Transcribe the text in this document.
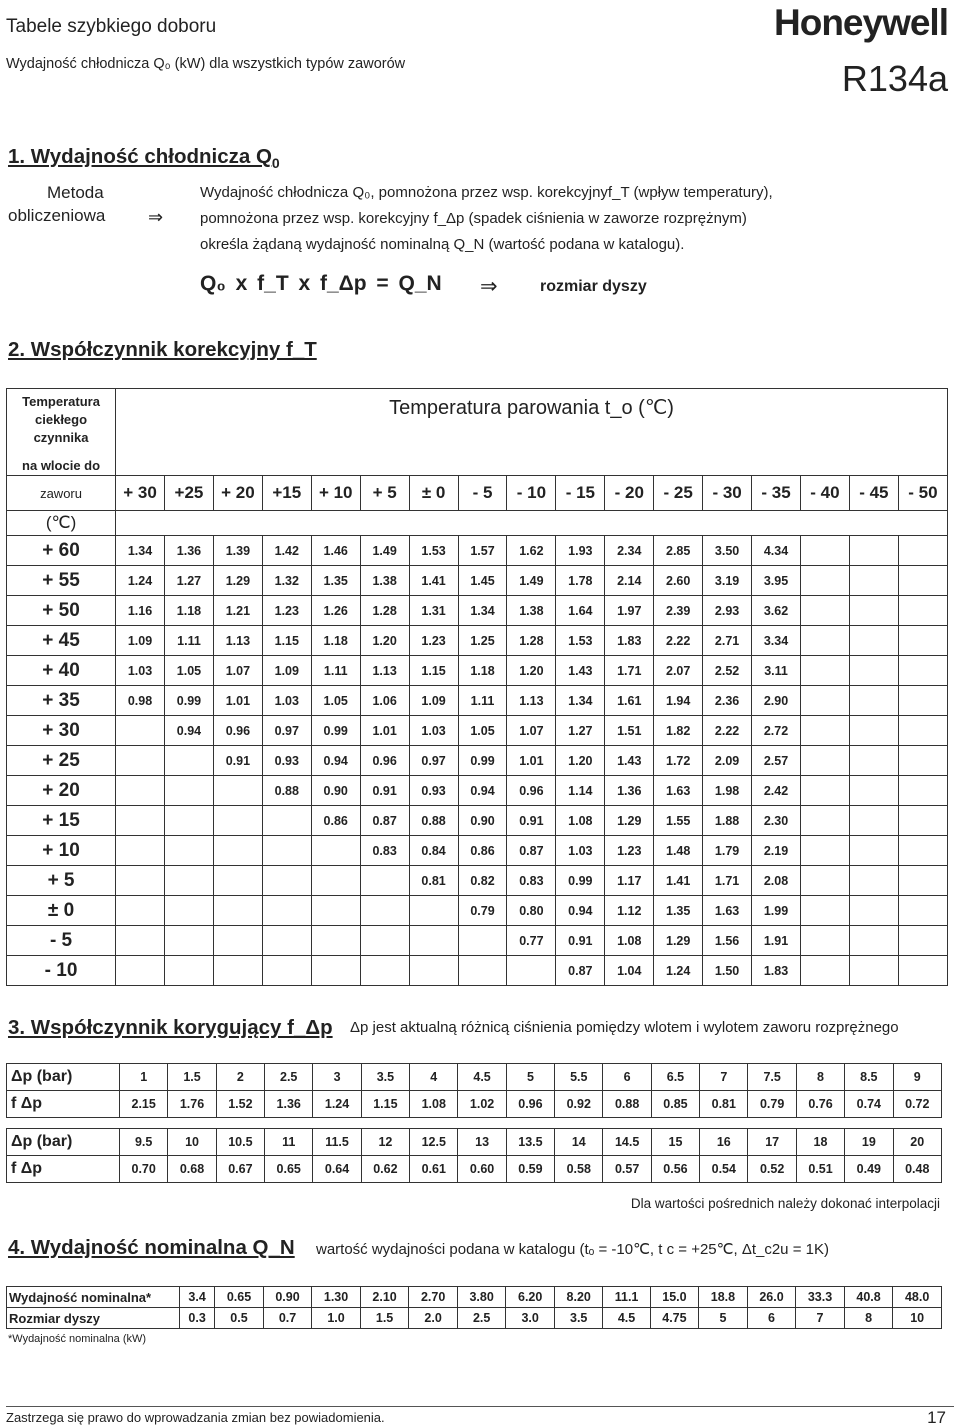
Tabele szybkiego doboru
Wydajność chłodnicza Q₀ (kW) dla wszystkich typów zaworów
Honeywell
R134a
1. Wydajność chłodnicza $Q_0$
Metoda
obliczeniowa ⇒
Wydajność chłodnicza Q₀, pomnożona przez wsp. korekcyjnyf_T (wpływ temperatury),
pomnożona przez wsp. korekcyjny f_Δp (spadek ciśnienia w zaworze rozprężnym)
określa żądaną wydajność nominalną Q_N (wartość podana w katalogu).
Q₀ x f_T x f_Δp = Q_N ⇒	rozmiar dyszy
2. Współczynnik korekcyjny f_T
Temperatura
ciekłego
czynnika
na wlocie do	Temperatura parowania t_o (℃)																

zaworu	+ 30	+25	+ 20	+15	+ 10	+ 5	± 0	- 5	- 10	- 15	- 20	- 25	- 30	- 35	- 40	- 45	- 50
(℃)																	
+ 60	1.34	1.36	1.39	1.42	1.46	1.49	1.53	1.57	1.62	1.93	2.34	2.85	3.50	4.34			
+ 55	1.24	1.27	1.29	1.32	1.35	1.38	1.41	1.45	1.49	1.78	2.14	2.60	3.19	3.95			
+ 50	1.16	1.18	1.21	1.23	1.26	1.28	1.31	1.34	1.38	1.64	1.97	2.39	2.93	3.62			
+ 45	1.09	1.11	1.13	1.15	1.18	1.20	1.23	1.25	1.28	1.53	1.83	2.22	2.71	3.34			
+ 40	1.03	1.05	1.07	1.09	1.11	1.13	1.15	1.18	1.20	1.43	1.71	2.07	2.52	3.11			
+ 35	0.98	0.99	1.01	1.03	1.05	1.06	1.09	1.11	1.13	1.34	1.61	1.94	2.36	2.90			
+ 30		0.94	0.96	0.97	0.99	1.01	1.03	1.05	1.07	1.27	1.51	1.82	2.22	2.72			
+ 25			0.91	0.93	0.94	0.96	0.97	0.99	1.01	1.20	1.43	1.72	2.09	2.57			
+ 20				0.88	0.90	0.91	0.93	0.94	0.96	1.14	1.36	1.63	1.98	2.42			
+ 15					0.86	0.87	0.88	0.90	0.91	1.08	1.29	1.55	1.88	2.30			
+ 10						0.83	0.84	0.86	0.87	1.03	1.23	1.48	1.79	2.19			
+ 5							0.81	0.82	0.83	0.99	1.17	1.41	1.71	2.08			
± 0								0.79	0.80	0.94	1.12	1.35	1.63	1.99			
- 5									0.77	0.91	1.08	1.29	1.56	1.91			
- 10										0.87	1.04	1.24	1.50	1.83			
3. Współczynnik korygujący f_Δp Δp jest aktualną różnicą ciśnienia pomiędzy wlotem i wylotem zaworu rozprężnego
Δp (bar)	1	1.5	2	2.5	3	3.5	4	4.5	5	5.5	6	6.5	7	7.5	8	8.5	9
f Δp	2.15	1.76	1.52	1.36	1.24	1.15	1.08	1.02	0.96	0.92	0.88	0.85	0.81	0.79	0.76	0.74	0.72
Δp (bar)	9.5	10	10.5	11	11.5	12	12.5	13	13.5	14	14.5	15	16	17	18	19	20
f Δp	0.70	0.68	0.67	0.65	0.64	0.62	0.61	0.60	0.59	0.58	0.57	0.56	0.54	0.52	0.51	0.49	0.48
Dla wartości pośrednich należy dokonać interpolacji
4. Wydajność nominalna Q_N wartość wydajności podana w katalogu (tₒ = -10℃, t c = +25℃, Δt_c2u = 1K)
Wydajność nominalna*	3.4	0.65	0.90	1.30	2.10	2.70	3.80	6.20	8.20	11.1	15.0	18.8	26.0	33.3	40.8	48.0
Rozmiar dyszy	0.3	0.5	0.7	1.0	1.5	2.0	2.5	3.0	3.5	4.5	4.75	5	6	7	8	10
*Wydajność nominalna (kW)
Zastrzega się prawo do wprowadzania zmian bez powiadomienia.	17
